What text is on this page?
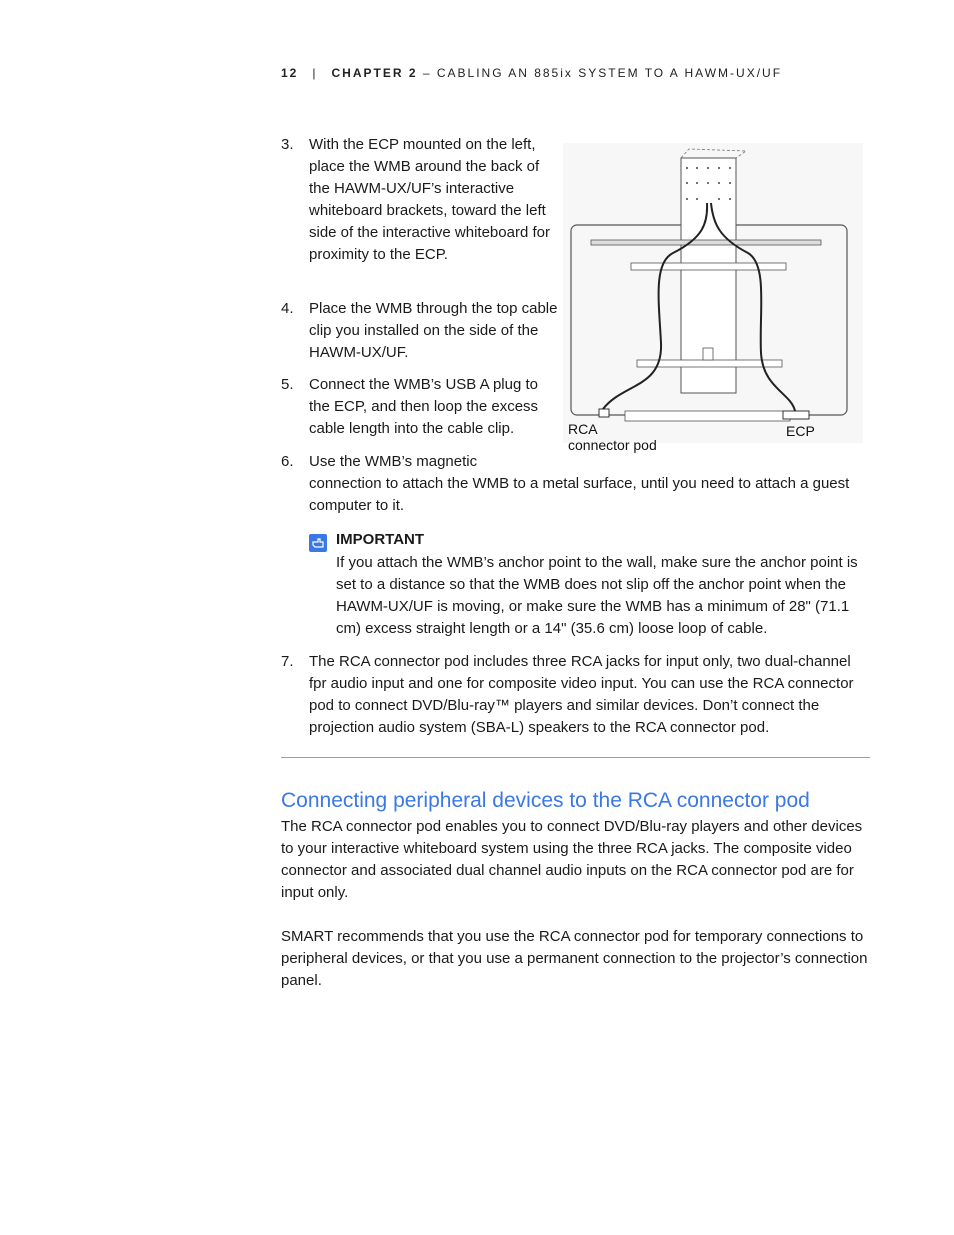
12 | CHAPTER 2 – CABLING AN 885ix SYSTEM TO A HAWM-UX/UF
3. With the ECP mounted on the left, place the WMB around the back of the HAWM-UX/UF’s interactive whiteboard brackets, toward the left side of the interactive whiteboard for proximity to the ECP.
4. Place the WMB through the top cable clip you installed on the side of the HAWM-UX/UF.
5. Connect the WMB’s USB A plug to the ECP, and then loop the excess cable length into the cable clip.
6. Use the WMB’s magnetic
connection to attach the WMB to a metal surface, until you need to attach a guest computer to it.
RCA
connector pod
ECP
IMPORTANT
If you attach the WMB’s anchor point to the wall, make sure the anchor point is set to a distance so that the WMB does not slip off the anchor point when the HAWM-UX/UF is moving, or make sure the WMB has a minimum of 28" (71.1 cm) excess straight length or a 14" (35.6 cm) loose loop of cable.
7. The RCA connector pod includes three RCA jacks for input only, two dual-channel fpr audio input and one for composite video input. You can use the RCA connector pod to connect DVD/Blu-ray™ players and similar devices. Don’t connect the projection audio system (SBA-L) speakers to the RCA connector pod.
Connecting peripheral devices to the RCA connector pod
The RCA connector pod enables you to connect DVD/Blu-ray players and other devices to your interactive whiteboard system using the three RCA jacks. The composite video connector and associated dual channel audio inputs on the RCA connector pod are for input only.
SMART recommends that you use the RCA connector pod for temporary connections to peripheral devices, or that you use a permanent connection to the projector’s connection panel.
